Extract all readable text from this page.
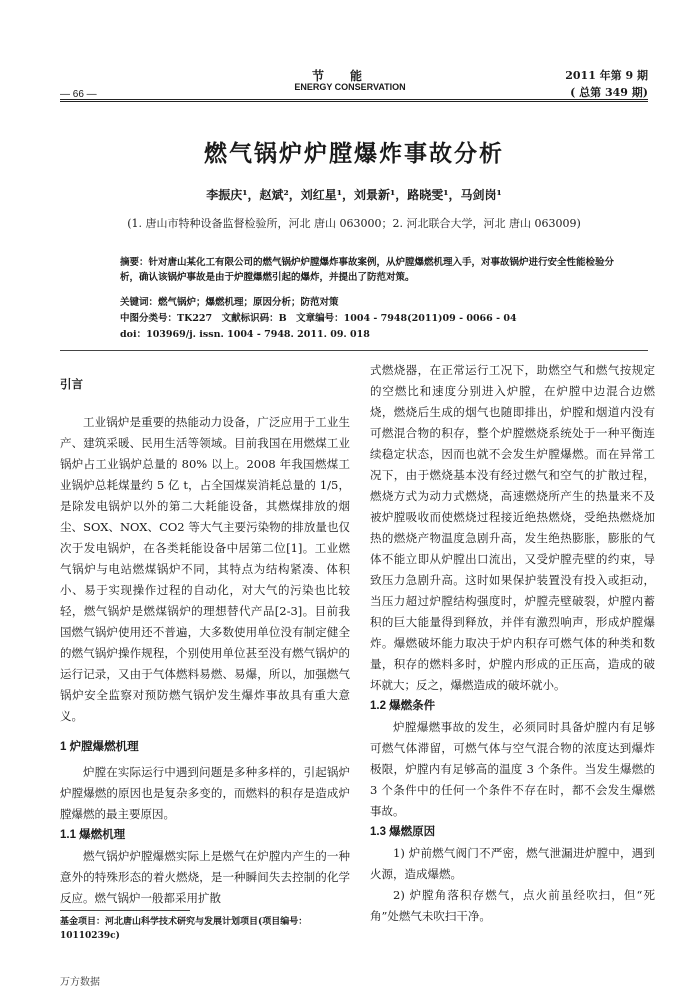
节能
ENERGY CONSERVATION
— 66 —
2011 年第 9 期
( 总第 349 期)
燃气锅炉炉膛爆炸事故分析
李振庆¹，赵斌²，刘红星¹，刘景新¹，路晓雯¹，马剑岗¹
(1. 唐山市特种设备监督检验所，河北 唐山 063000；2. 河北联合大学，河北 唐山 063009)
摘要：针对唐山某化工有限公司的燃气锅炉炉膛爆炸事故案例，从炉膛爆燃机理入手，对事故锅炉进行安全性能检验分析，确认该锅炉事故是由于炉膛爆燃引起的爆炸，并提出了防范对策。
关键词：燃气锅炉；爆燃机理；原因分析；防范对策
中图分类号：TK227　文献标识码：B　文章编号：1004 - 7948(2011)09 - 0066 - 04
doi：103969/j. issn. 1004 - 7948. 2011. 09. 018

引言

工业锅炉是重要的热能动力设备，广泛应用于工业生产、建筑采暖、民用生活等领域。目前我国在用燃煤工业锅炉占工业锅炉总量的 80% 以上。2008 年我国燃煤工业锅炉总耗煤量约 5 亿 t，占全国煤炭消耗总量的 1/5，是除发电锅炉以外的第二大耗能设备，其燃煤排放的烟尘、SOX、NOX、CO2 等大气主要污染物的排放量也仅次于发电锅炉，在各类耗能设备中居第二位[1]。工业燃气锅炉与电站燃煤锅炉不同，其特点为结构紧凑、体积小、易于实现操作过程的自动化，对大气的污染也比较轻，燃气锅炉是燃煤锅炉的理想替代产品[2-3]。目前我国燃气锅炉使用还不普遍，大多数使用单位没有制定健全的燃气锅炉操作规程，个别使用单位甚至没有燃气锅炉的运行记录，又由于气体燃料易燃、易爆，所以，加强燃气锅炉安全监察对预防燃气锅炉发生爆炸事故具有重大意义。

1 炉膛爆燃机理

炉膛在实际运行中遇到问题是多种多样的，引起锅炉炉膛爆燃的原因也是复杂多变的，而燃料的积存是造成炉膛爆燃的最主要原因。

1.1 爆燃机理

燃气锅炉炉膛爆燃实际上是燃气在炉膛内产生的一种意外的特殊形态的着火燃烧，是一种瞬间失去控制的化学反应。燃气锅炉一般都采用扩散

式燃烧器，在正常运行工况下，助燃空气和燃气按规定的空燃比和速度分别进入炉膛，在炉膛中边混合边燃烧，燃烧后生成的烟气也随即排出，炉膛和烟道内没有可燃混合物的积存，整个炉膛燃烧系统处于一种平衡连续稳定状态，因而也就不会发生炉膛爆燃。而在异常工况下，由于燃烧基本没有经过燃气和空气的扩散过程，燃烧方式为动力式燃烧，高速燃烧所产生的热量来不及被炉膛吸收而使燃烧过程接近绝热燃烧，受绝热燃烧加热的燃烧产物温度急剧升高，发生绝热膨胀，膨胀的气体不能立即从炉膛出口流出，又受炉膛壳壁的约束，导致压力急剧升高。这时如果保护装置没有投入或拒动，当压力超过炉膛结构强度时，炉膛壳壁破裂，炉膛内蓄积的巨大能量得到释放，并伴有激烈响声，形成炉膛爆炸。爆燃破坏能力取决于炉内积存可燃气体的种类和数量，积存的燃料多时，炉膛内形成的正压高，造成的破坏就大；反之，爆燃造成的破坏就小。

1.2 爆燃条件

炉膛爆燃事故的发生，必须同时具备炉膛内有足够可燃气体滞留，可燃气体与空气混合物的浓度达到爆炸极限，炉膛内有足够高的温度 3 个条件。当发生爆燃的 3 个条件中的任何一个条件不存在时，都不会发生爆燃事故。

1.3 爆燃原因

1) 炉前燃气阀门不严密，燃气泄漏进炉膛中，遇到火源，造成爆燃。

2) 炉膛角落积存燃气，点火前虽经吹扫，但“死角”处燃气未吹扫干净。

基金项目：河北唐山科学技术研究与发展计划项目(项目编号：10110239c)
万方数据
